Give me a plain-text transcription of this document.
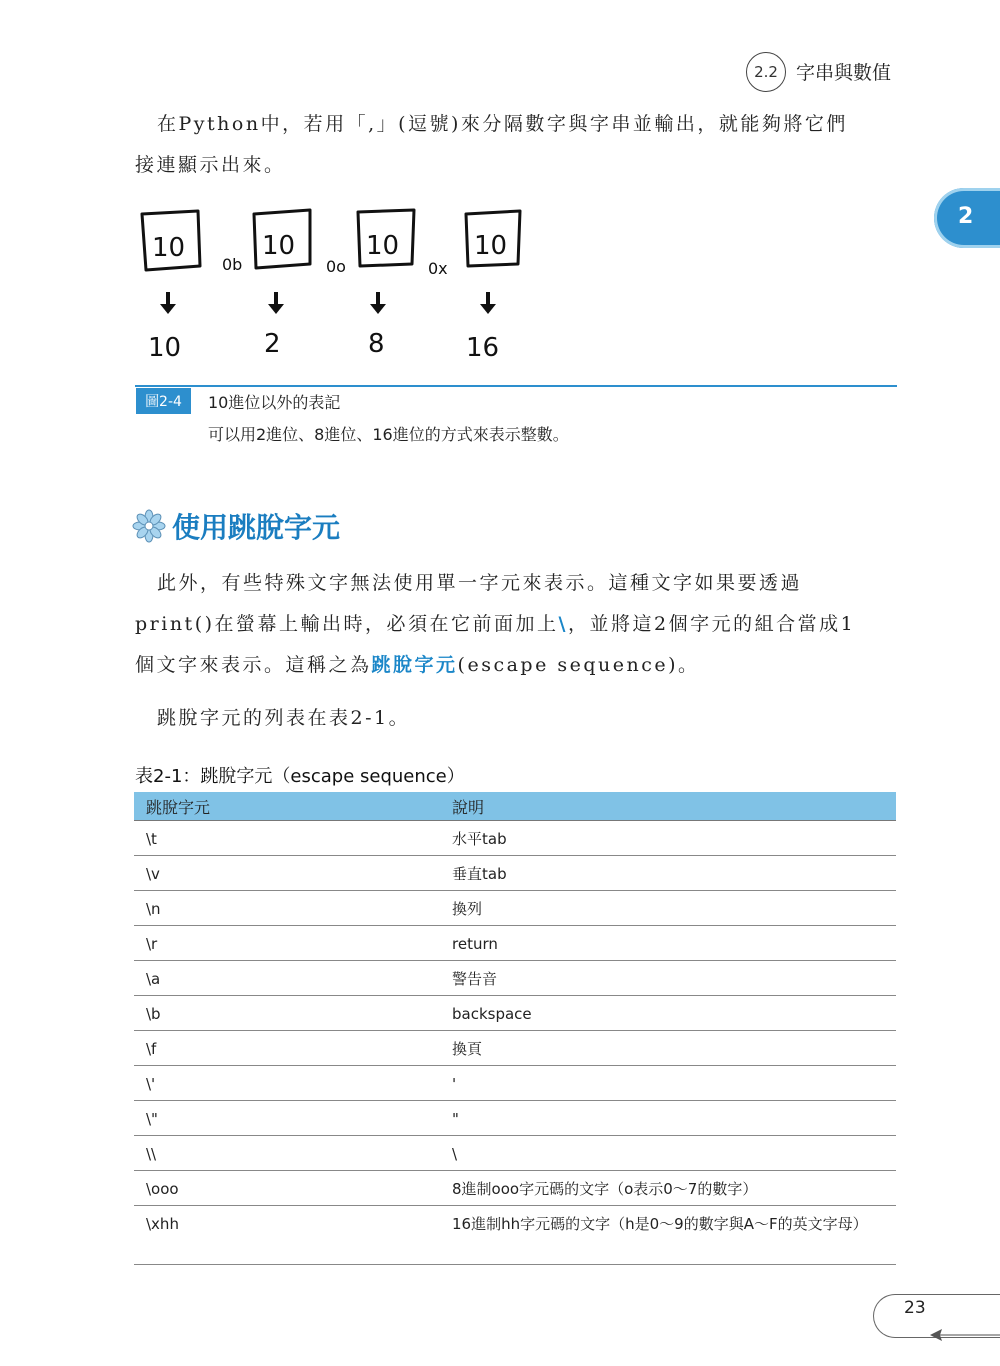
2.2 字串與數值
2
在Python中，若用「,」(逗號)來分隔數字與字串並輸出，就能夠將它們
接連顯示出來。
10	10	10	10
0b	0o	0x
10	2	8	16
圖2-4	10進位以外的表記
可以用2進位、8進位、16進位的方式來表示整數。
使用跳脫字元
此外，有些特殊文字無法使用單一字元來表示。這種文字如果要透過
print()在螢幕上輸出時，必須在它前面加上\，並將這2個字元的組合當成1
個文字來表示。這稱之為跳脫字元(escape sequence)。
跳脫字元的列表在表2-1。
表2-1：跳脫字元（escape sequence）
跳脫字元	說明
\t	水平tab
\v	垂直tab
\n	換列
\r	return
\a	警告音
\b	backspace
\f	換頁
\'	'
\"	"
\\	\
\ooo	8進制ooo字元碼的文字（o表示0～7的數字）
\xhh	16進制hh字元碼的文字（h是0～9的數字與A～F的英文字母）
23
